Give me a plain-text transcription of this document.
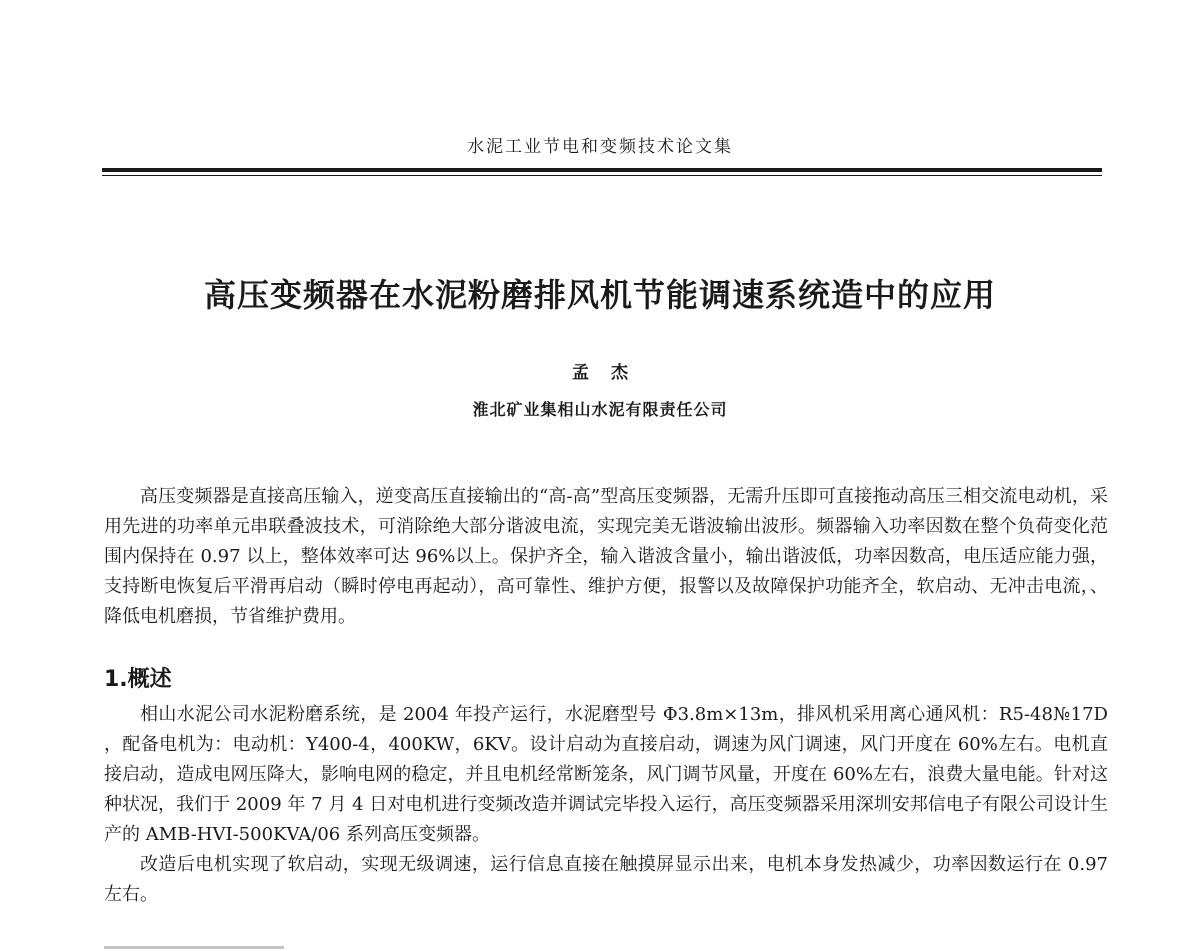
水泥工业节电和变频技术论文集
高压变频器在水泥粉磨排风机节能调速系统造中的应用
孟杰
淮北矿业集相山水泥有限责任公司

高压变频器是直接高压输入，逆变高压直接输出的“高-高”型高压变频器，无需升压即可直接拖动高压三相交流电动机，采用先进的功率单元串联叠波技术，可消除绝大部分谐波电流，实现完美无谐波输出波形。频器输入功率因数在整个负荷变化范围内保持在 0.97 以上，整体效率可达 96%以上。保护齐全，输入谐波含量小，输出谐波低，功率因数高，电压适应能力强，支持断电恢复后平滑再启动（瞬时停电再起动），高可靠性、维护方便，报警以及故障保护功能齐全，软启动、无冲击电流，、降低电机磨损，节省维护费用。

1.概述

相山水泥公司水泥粉磨系统，是 2004 年投产运行，水泥磨型号 Φ3.8m×13m，排风机采用离心通风机：R5-48№17D ，配备电机为：电动机：Y400-4，400KW，6KV。设计启动为直接启动，调速为风门调速，风门开度在 60%左右。电机直接启动，造成电网压降大，影响电网的稳定，并且电机经常断笼条，风门调节风量，开度在 60%左右，浪费大量电能。针对这种状况，我们于 2009 年 7 月 4 日对电机进行变频改造并调试完毕投入运行，高压变频器采用深圳安邦信电子有限公司设计生产的 AMB-HVI-500KVA/06 系列高压变频器。

改造后电机实现了软启动，实现无级调速，运行信息直接在触摸屏显示出来，电机本身发热减少，功率因数运行在 0.97 左右。
